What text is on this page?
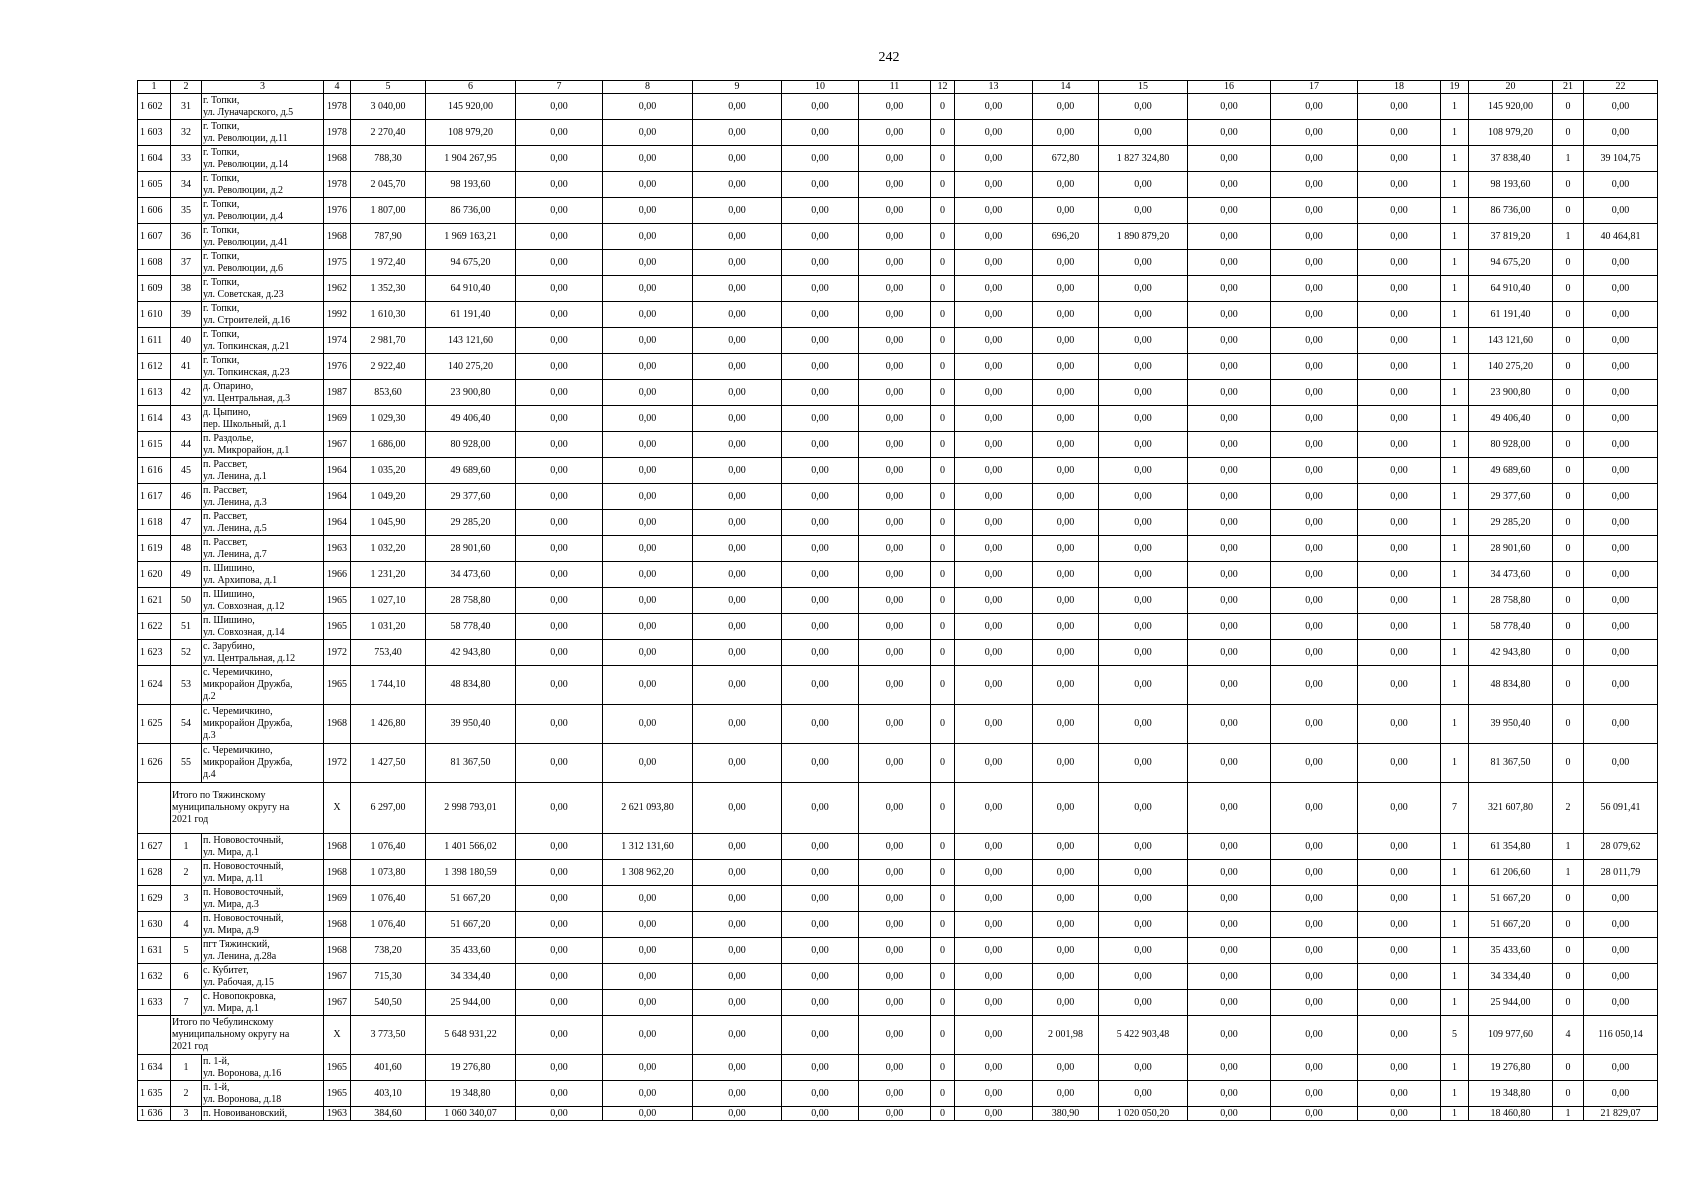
242
1	2	3	4	5	6	7	8	9	10	11	12	13	14	15	16	17	18	19	20	21	22
1 602	31	г. Топки,
ул. Луначарского, д.5	1978	3 040,00	145 920,00	0,00	0,00	0,00	0,00	0,00	0	0,00	0,00	0,00	0,00	0,00	0,00	1	145 920,00	0	0,00
1 603	32	г. Топки,
ул. Революции, д.11	1978	2 270,40	108 979,20	0,00	0,00	0,00	0,00	0,00	0	0,00	0,00	0,00	0,00	0,00	0,00	1	108 979,20	0	0,00
1 604	33	г. Топки,
ул. Революции, д.14	1968	788,30	1 904 267,95	0,00	0,00	0,00	0,00	0,00	0	0,00	672,80	1 827 324,80	0,00	0,00	0,00	1	37 838,40	1	39 104,75
1 605	34	г. Топки,
ул. Революции, д.2	1978	2 045,70	98 193,60	0,00	0,00	0,00	0,00	0,00	0	0,00	0,00	0,00	0,00	0,00	0,00	1	98 193,60	0	0,00
1 606	35	г. Топки,
ул. Революции, д.4	1976	1 807,00	86 736,00	0,00	0,00	0,00	0,00	0,00	0	0,00	0,00	0,00	0,00	0,00	0,00	1	86 736,00	0	0,00
1 607	36	г. Топки,
ул. Революции, д.41	1968	787,90	1 969 163,21	0,00	0,00	0,00	0,00	0,00	0	0,00	696,20	1 890 879,20	0,00	0,00	0,00	1	37 819,20	1	40 464,81
1 608	37	г. Топки,
ул. Революции, д.6	1975	1 972,40	94 675,20	0,00	0,00	0,00	0,00	0,00	0	0,00	0,00	0,00	0,00	0,00	0,00	1	94 675,20	0	0,00
1 609	38	г. Топки,
ул. Советская, д.23	1962	1 352,30	64 910,40	0,00	0,00	0,00	0,00	0,00	0	0,00	0,00	0,00	0,00	0,00	0,00	1	64 910,40	0	0,00
1 610	39	г. Топки,
ул. Строителей, д.16	1992	1 610,30	61 191,40	0,00	0,00	0,00	0,00	0,00	0	0,00	0,00	0,00	0,00	0,00	0,00	1	61 191,40	0	0,00
1 611	40	г. Топки,
ул. Топкинская, д.21	1974	2 981,70	143 121,60	0,00	0,00	0,00	0,00	0,00	0	0,00	0,00	0,00	0,00	0,00	0,00	1	143 121,60	0	0,00
1 612	41	г. Топки,
ул. Топкинская, д.23	1976	2 922,40	140 275,20	0,00	0,00	0,00	0,00	0,00	0	0,00	0,00	0,00	0,00	0,00	0,00	1	140 275,20	0	0,00
1 613	42	д. Опарино,
ул. Центральная, д.3	1987	853,60	23 900,80	0,00	0,00	0,00	0,00	0,00	0	0,00	0,00	0,00	0,00	0,00	0,00	1	23 900,80	0	0,00
1 614	43	д. Цыпино,
пер. Школьный, д.1	1969	1 029,30	49 406,40	0,00	0,00	0,00	0,00	0,00	0	0,00	0,00	0,00	0,00	0,00	0,00	1	49 406,40	0	0,00
1 615	44	п. Раздолье,
ул. Микрорайон, д.1	1967	1 686,00	80 928,00	0,00	0,00	0,00	0,00	0,00	0	0,00	0,00	0,00	0,00	0,00	0,00	1	80 928,00	0	0,00
1 616	45	п. Рассвет,
ул. Ленина, д.1	1964	1 035,20	49 689,60	0,00	0,00	0,00	0,00	0,00	0	0,00	0,00	0,00	0,00	0,00	0,00	1	49 689,60	0	0,00
1 617	46	п. Рассвет,
ул. Ленина, д.3	1964	1 049,20	29 377,60	0,00	0,00	0,00	0,00	0,00	0	0,00	0,00	0,00	0,00	0,00	0,00	1	29 377,60	0	0,00
1 618	47	п. Рассвет,
ул. Ленина, д.5	1964	1 045,90	29 285,20	0,00	0,00	0,00	0,00	0,00	0	0,00	0,00	0,00	0,00	0,00	0,00	1	29 285,20	0	0,00
1 619	48	п. Рассвет,
ул. Ленина, д.7	1963	1 032,20	28 901,60	0,00	0,00	0,00	0,00	0,00	0	0,00	0,00	0,00	0,00	0,00	0,00	1	28 901,60	0	0,00
1 620	49	п. Шишино,
ул. Архипова, д.1	1966	1 231,20	34 473,60	0,00	0,00	0,00	0,00	0,00	0	0,00	0,00	0,00	0,00	0,00	0,00	1	34 473,60	0	0,00
1 621	50	п. Шишино,
ул. Совхозная, д.12	1965	1 027,10	28 758,80	0,00	0,00	0,00	0,00	0,00	0	0,00	0,00	0,00	0,00	0,00	0,00	1	28 758,80	0	0,00
1 622	51	п. Шишино,
ул. Совхозная, д.14	1965	1 031,20	58 778,40	0,00	0,00	0,00	0,00	0,00	0	0,00	0,00	0,00	0,00	0,00	0,00	1	58 778,40	0	0,00
1 623	52	с. Зарубино,
ул. Центральная, д.12	1972	753,40	42 943,80	0,00	0,00	0,00	0,00	0,00	0	0,00	0,00	0,00	0,00	0,00	0,00	1	42 943,80	0	0,00
1 624	53	с. Черемичкино,
микрорайон Дружба,
д.2	1965	1 744,10	48 834,80	0,00	0,00	0,00	0,00	0,00	0	0,00	0,00	0,00	0,00	0,00	0,00	1	48 834,80	0	0,00
1 625	54	с. Черемичкино,
микрорайон Дружба,
д.3	1968	1 426,80	39 950,40	0,00	0,00	0,00	0,00	0,00	0	0,00	0,00	0,00	0,00	0,00	0,00	1	39 950,40	0	0,00
1 626	55	с. Черемичкино,
микрорайон Дружба,
д.4	1972	1 427,50	81 367,50	0,00	0,00	0,00	0,00	0,00	0	0,00	0,00	0,00	0,00	0,00	0,00	1	81 367,50	0	0,00
	Итого по Тяжинскому
муниципальному округу на
2021 год		X	6 297,00	2 998 793,01	0,00	2 621 093,80	0,00	0,00	0,00	0	0,00	0,00	0,00	0,00	0,00	0,00	7	321 607,80	2	56 091,41
1 627	1	п. Нововосточный,
ул. Мира, д.1	1968	1 076,40	1 401 566,02	0,00	1 312 131,60	0,00	0,00	0,00	0	0,00	0,00	0,00	0,00	0,00	0,00	1	61 354,80	1	28 079,62
1 628	2	п. Нововосточный,
ул. Мира, д.11	1968	1 073,80	1 398 180,59	0,00	1 308 962,20	0,00	0,00	0,00	0	0,00	0,00	0,00	0,00	0,00	0,00	1	61 206,60	1	28 011,79
1 629	3	п. Нововосточный,
ул. Мира, д.3	1969	1 076,40	51 667,20	0,00	0,00	0,00	0,00	0,00	0	0,00	0,00	0,00	0,00	0,00	0,00	1	51 667,20	0	0,00
1 630	4	п. Нововосточный,
ул. Мира, д.9	1968	1 076,40	51 667,20	0,00	0,00	0,00	0,00	0,00	0	0,00	0,00	0,00	0,00	0,00	0,00	1	51 667,20	0	0,00
1 631	5	пгт Тяжинский,
ул. Ленина, д.28а	1968	738,20	35 433,60	0,00	0,00	0,00	0,00	0,00	0	0,00	0,00	0,00	0,00	0,00	0,00	1	35 433,60	0	0,00
1 632	6	с. Кубитет,
ул. Рабочая, д.15	1967	715,30	34 334,40	0,00	0,00	0,00	0,00	0,00	0	0,00	0,00	0,00	0,00	0,00	0,00	1	34 334,40	0	0,00
1 633	7	с. Новопокровка,
ул. Мира, д.1	1967	540,50	25 944,00	0,00	0,00	0,00	0,00	0,00	0	0,00	0,00	0,00	0,00	0,00	0,00	1	25 944,00	0	0,00
	Итого по Чебулинскому
муниципальному округу на
2021 год		X	3 773,50	5 648 931,22	0,00	0,00	0,00	0,00	0,00	0	0,00	2 001,98	5 422 903,48	0,00	0,00	0,00	5	109 977,60	4	116 050,14
1 634	1	п. 1-й,
ул. Воронова, д.16	1965	401,60	19 276,80	0,00	0,00	0,00	0,00	0,00	0	0,00	0,00	0,00	0,00	0,00	0,00	1	19 276,80	0	0,00
1 635	2	п. 1-й,
ул. Воронова, д.18	1965	403,10	19 348,80	0,00	0,00	0,00	0,00	0,00	0	0,00	0,00	0,00	0,00	0,00	0,00	1	19 348,80	0	0,00
1 636	3	п. Новоивановский,	1963	384,60	1 060 340,07	0,00	0,00	0,00	0,00	0,00	0	0,00	380,90	1 020 050,20	0,00	0,00	0,00	1	18 460,80	1	21 829,07
